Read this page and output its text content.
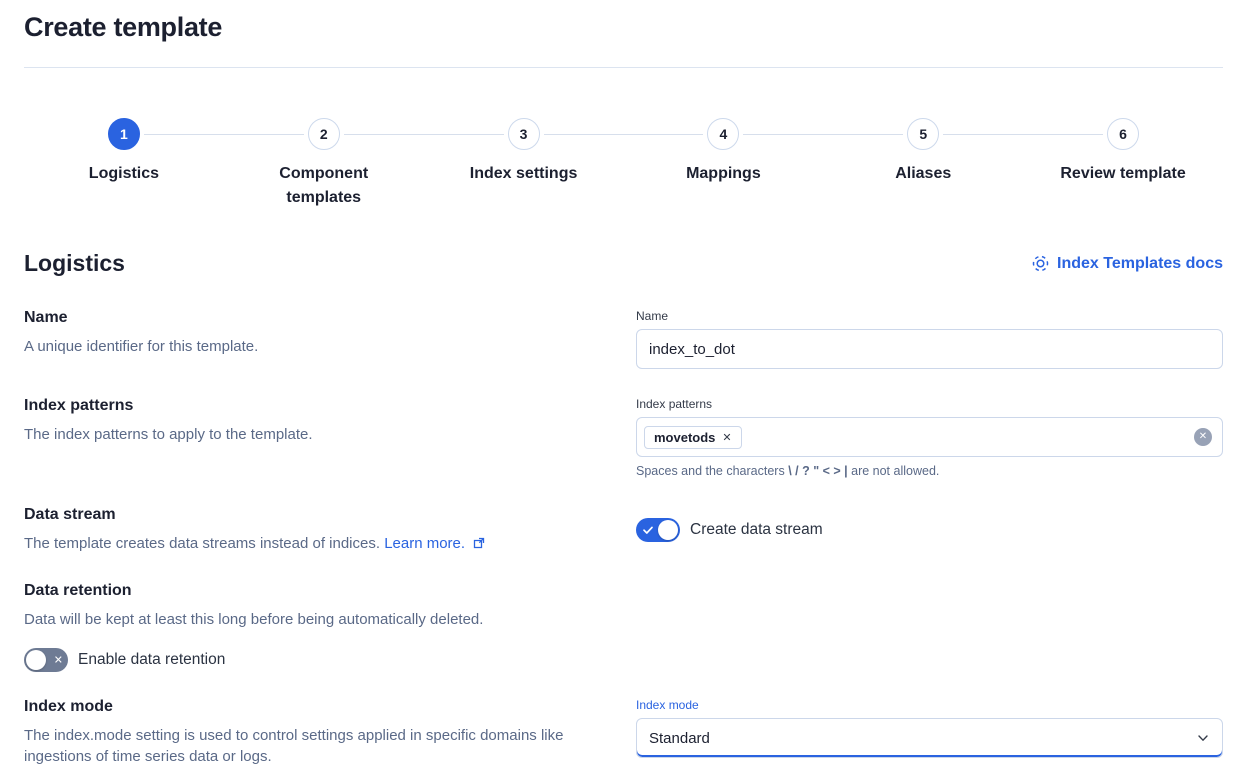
Create template
1
Logistics
2
Component templates
3
Index settings
4
Mappings
5
Aliases
6
Review template
Logistics	Index Templates docs
Name
A unique identifier for this template.
Name
index_to_dot
Index patterns
The index patterns to apply to the template.
Index patterns
movetods ✕	✕
Spaces and the characters \ / ? " < > | are not allowed.
Data stream
The template creates data streams instead of indices. Learn more.
Create data stream
Data retention
Data will be kept at least this long before being automatically deleted.
✕ Enable data retention
Index mode
The index.mode setting is used to control settings applied in specific domains like ingestions of time series data or logs.
Index mode
Standard
